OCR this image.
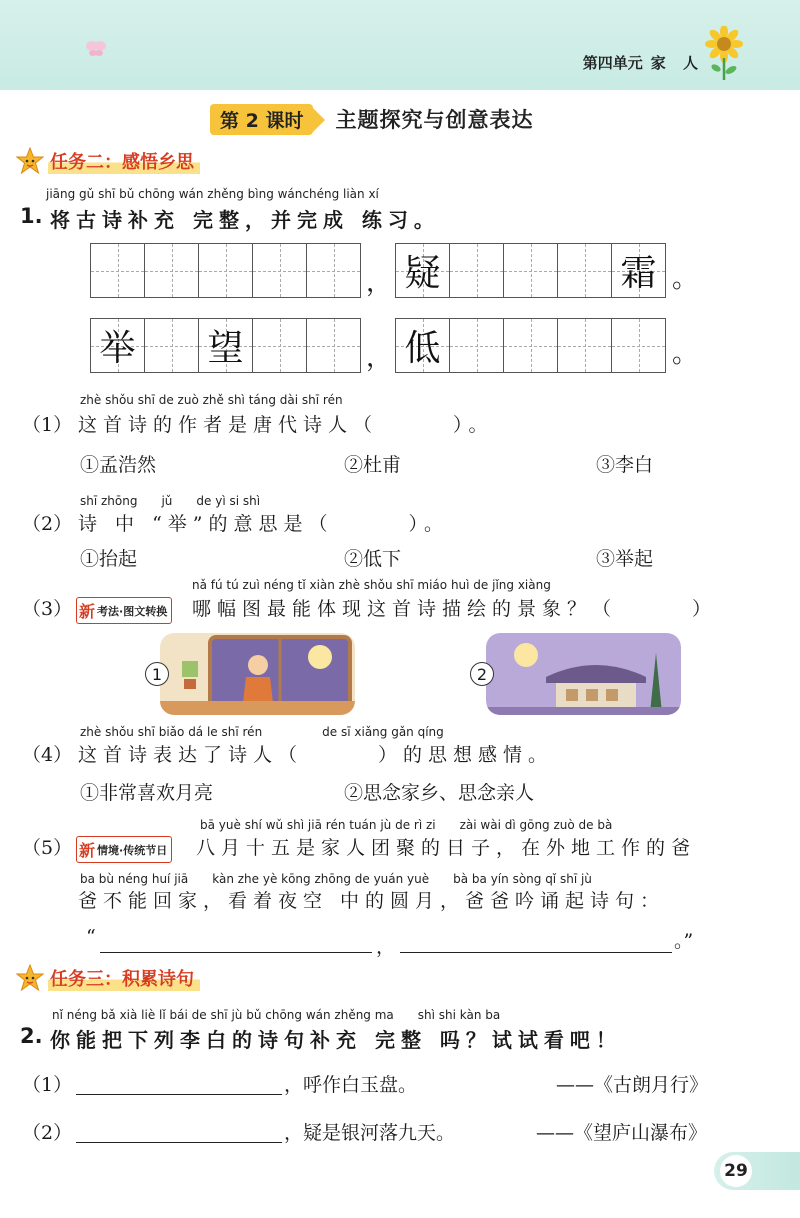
第四单元 家 人
第 2 课时	主题探究与创意表达
任务二：感悟乡思
jiāng gǔ shī bǔ chōng wán zhěng bìng wánchéng liàn xí
1. 将古诗补充 完整，并完成 练习。
， 疑	霜 。
举 望	， 低	。
zhè shǒu shī de zuò zhě shì táng dài shī rén
（1） 这首诗的作者是唐代诗人（　　　）。
①孟浩然	②杜甫	③李白
shī zhōng　　jǔ　　de yì si shì
（2） 诗 中 “举”的意思是（　　　）。
①抬起	②低下	③举起
nǎ fú tú zuì néng tǐ xiàn zhè shǒu shī miáo huì de jǐng xiàng
（3） 新 考法·图文转换 哪幅图最能体现这首诗描绘的景象？（　　　）
1	2
zhè shǒu shī biǎo dá le shī rén　　　　　de sī xiǎng gǎn qíng
（4） 这首诗表达了诗人（　　　）的思想感情。
①非常喜欢月亮	②思念家乡、思念亲人
bā yuè shí wǔ shì jiā rén tuán jù de rì zi　　zài wài dì gōng zuò de bà
（5） 新 情境·传统节日 八月十五是家人团聚的日子，在外地工作的爸
ba bù néng huí jiā　　kàn zhe yè kōng zhōng de yuán yuè　　bà ba yín sòng qǐ shī jù
爸不能回家，看着夜空 中的圆月，爸爸吟诵起诗句：
“	，	。”
任务三：积累诗句
nǐ néng bǎ xià liè lǐ bái de shī jù bǔ chōng wán zhěng ma　　shì shi kàn ba
2. 你能把下列李白的诗句补充 完整 吗？试试看吧！
（1）	，呼作白玉盘。	——《古朗月行》
（2）	，疑是银河落九天。	——《望庐山瀑布》
29
